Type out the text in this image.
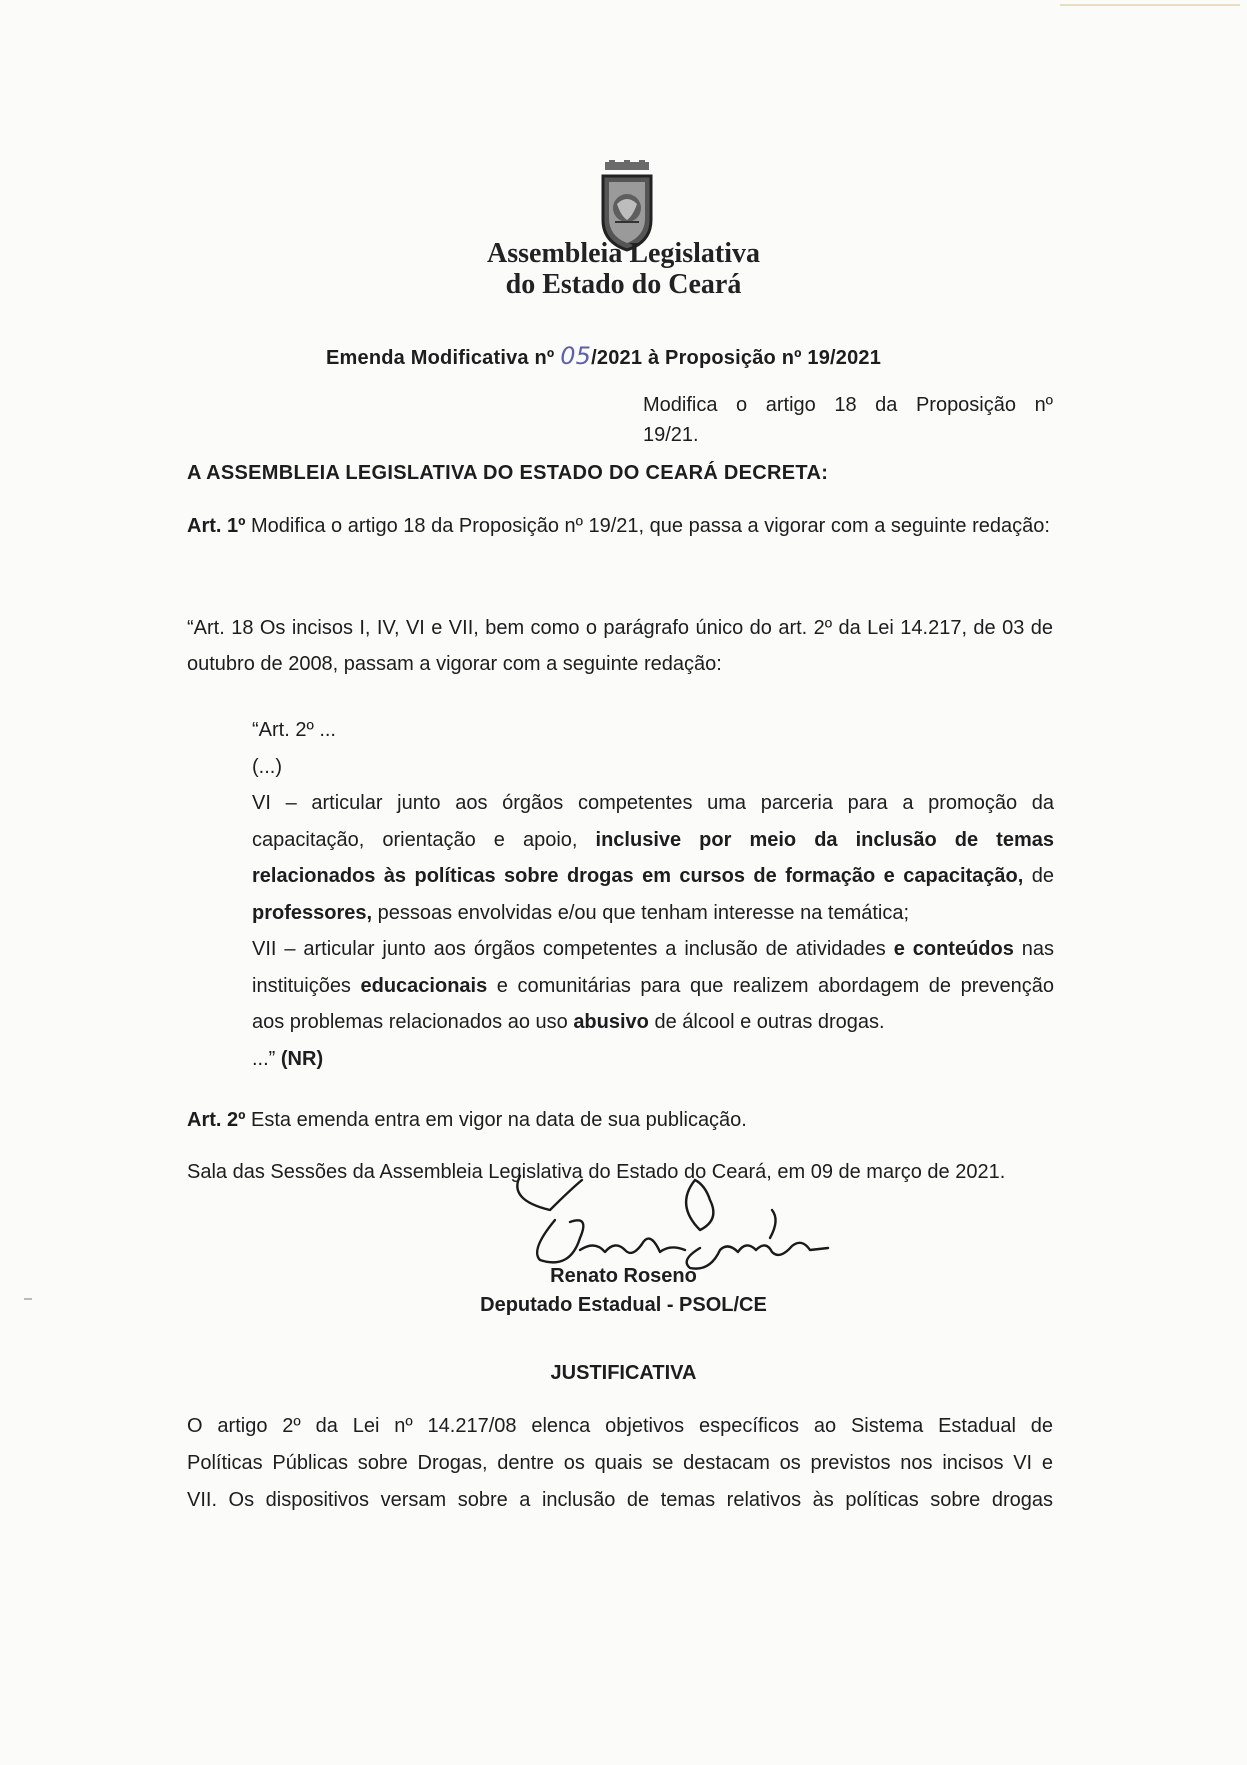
Assembleia Legislativa
do Estado do Ceará
Emenda Modificativa nº 05/2021 à Proposição nº 19/2021
Modifica o artigo 18 da Proposição nº
19/21.
A ASSEMBLEIA LEGISLATIVA DO ESTADO DO CEARÁ DECRETA:
Art. 1º Modifica o artigo 18 da Proposição nº 19/21, que passa a vigorar com a seguinte redação:
“Art. 18 Os incisos I, IV, VI e VII, bem como o parágrafo único do art. 2º da Lei 14.217, de 03 de outubro de 2008, passam a vigorar com a seguinte redação:

“Art. 2º ...

(...)

VI – articular junto aos órgãos competentes uma parceria para a promoção da capacitação, orientação e apoio, inclusive por meio da inclusão de temas relacionados às políticas sobre drogas em cursos de formação e capacitação, de professores, pessoas envolvidas e/ou que tenham interesse na temática;

VII – articular junto aos órgãos competentes a inclusão de atividades e conteúdos nas instituições educacionais e comunitárias para que realizem abordagem de prevenção aos problemas relacionados ao uso abusivo de álcool e outras drogas.

...” (NR)

Art. 2º Esta emenda entra em vigor na data de sua publicação.
Sala das Sessões da Assembleia Legislativa do Estado do Ceará, em 09 de março de 2021.
Renato Roseno
Deputado Estadual - PSOL/CE
JUSTIFICATIVA
O artigo 2º da Lei nº 14.217/08 elenca objetivos específicos ao Sistema Estadual de
Políticas Públicas sobre Drogas, dentre os quais se destacam os previstos nos incisos VI e
VII. Os dispositivos versam sobre a inclusão de temas relativos às políticas sobre drogas
